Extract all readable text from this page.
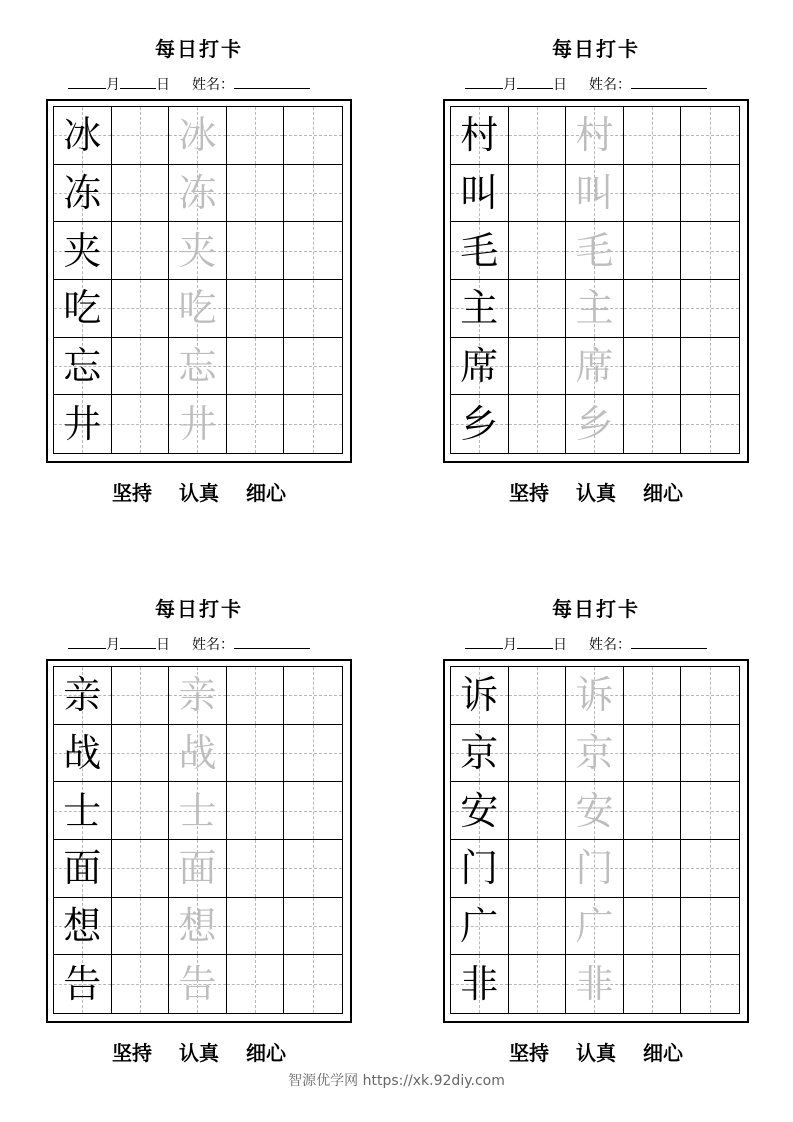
每日打卡
月	日 姓名：
冰 冰
冻 冻
夹 夹
吃 吃
忘 忘
井 井
坚持 认真 细心
每日打卡
月	日 姓名：
村 村
叫 叫
毛 毛
主 主
席 席
乡 乡
坚持 认真 细心
每日打卡
月	日 姓名：
亲 亲
战 战
士 士
面 面
想 想
告 告
坚持 认真 细心
每日打卡
月	日 姓名：
诉 诉
京 京
安 安
门 门
广 广
非 非
坚持 认真 细心
智源优学网 https://xk.92diy.com
